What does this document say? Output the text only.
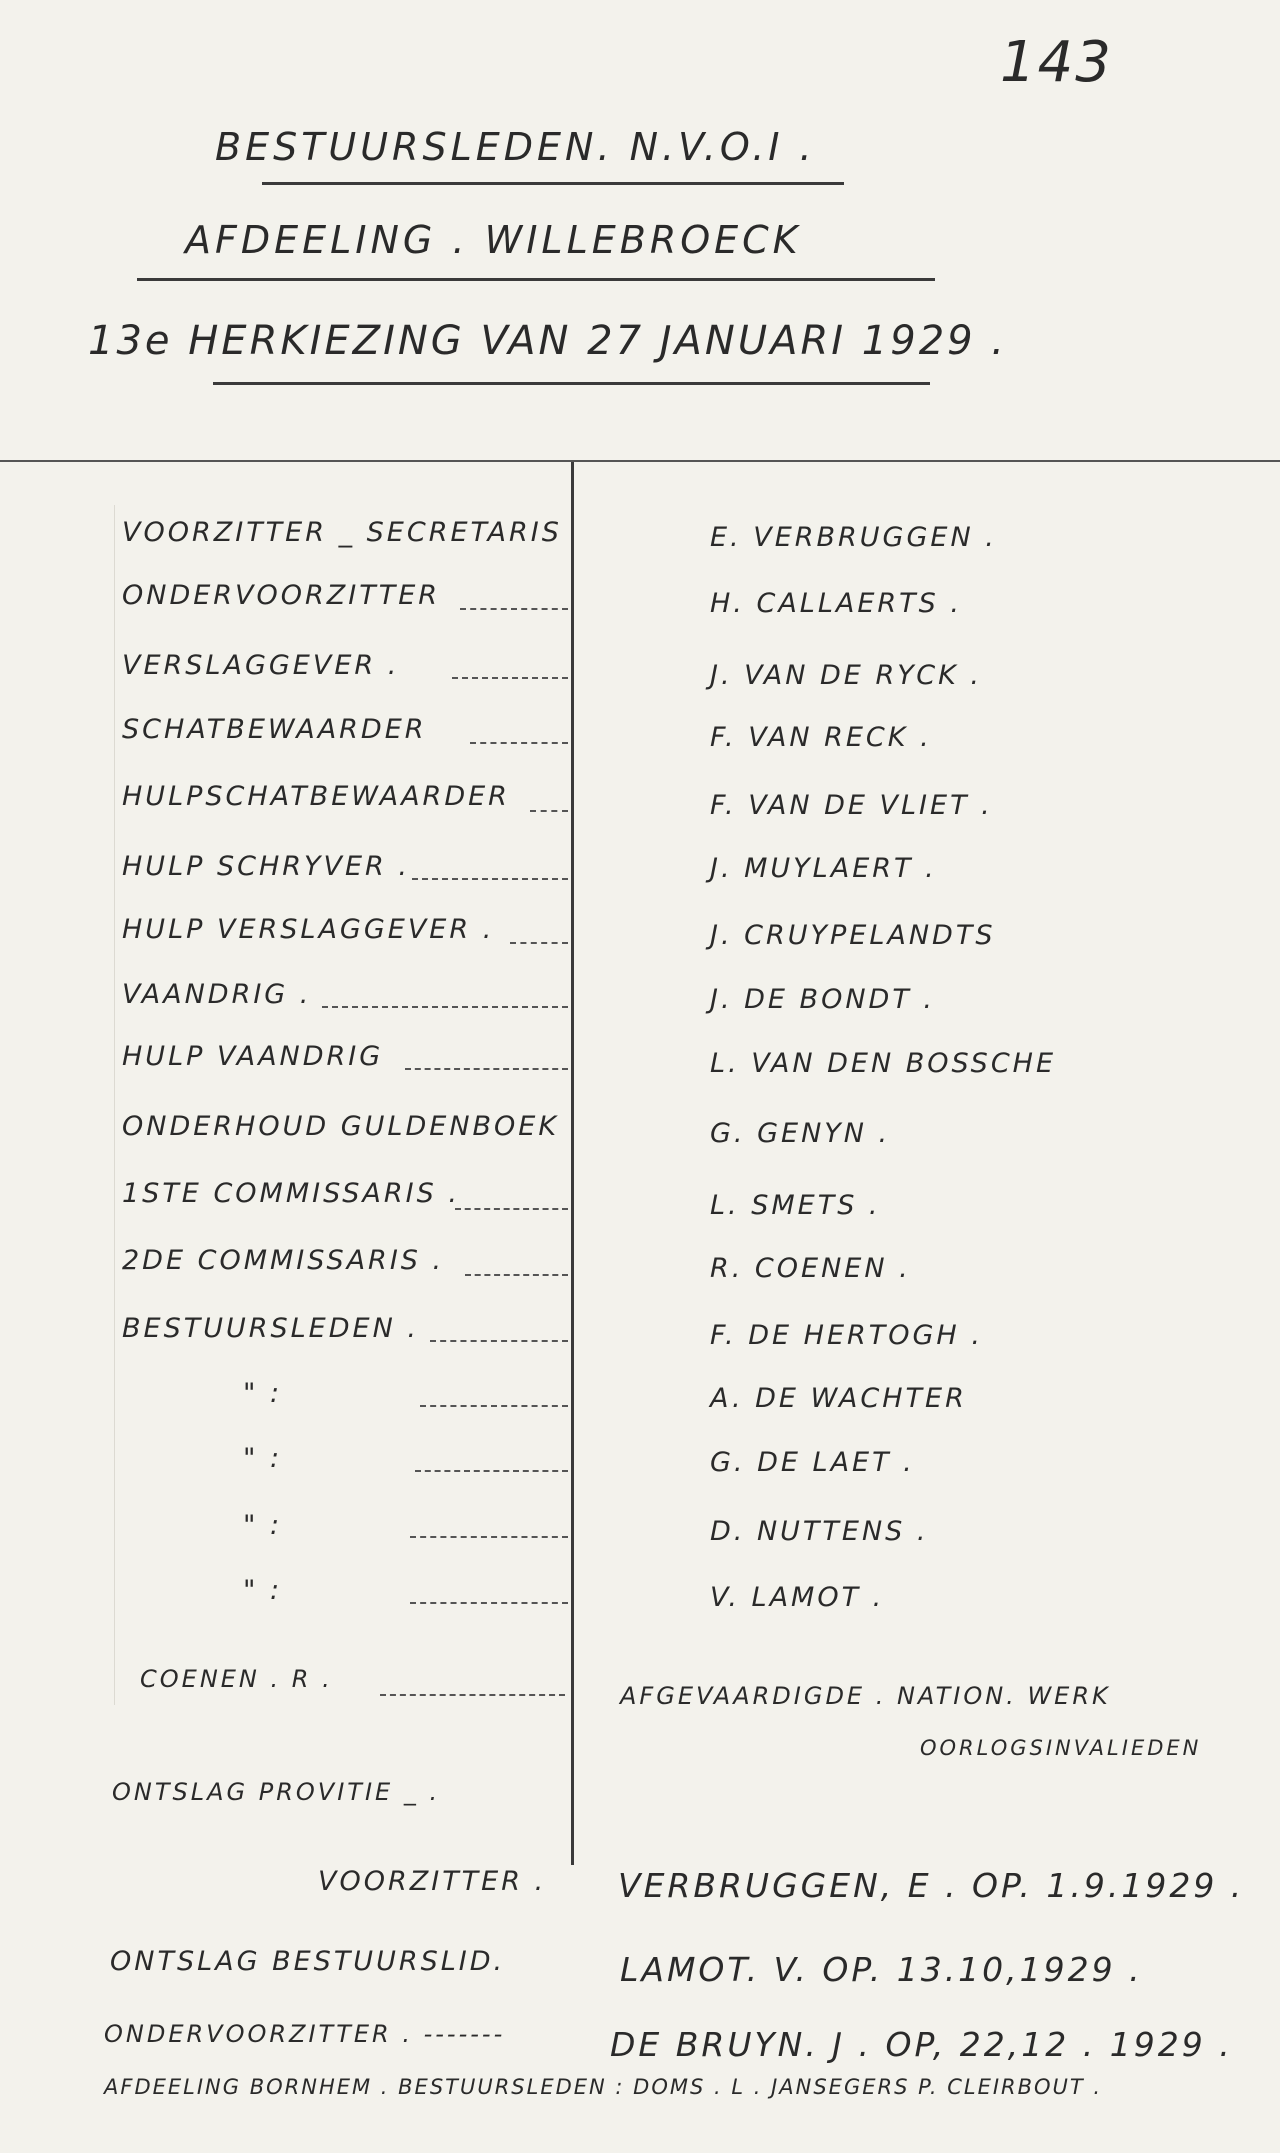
143
BESTUURSLEDEN. N.V.O.I .
AFDEELING . WILLEBROECK
13e HERKIEZING VAN 27 JANUARI 1929 .
VOORZITTER _ SECRETARIS	E. VERBRUGGEN .
ONDERVOORZITTER	H. CALLAERTS .
VERSLAGGEVER .	J. VAN DE RYCK .
SCHATBEWAARDER	F. VAN RECK .
HULPSCHATBEWAARDER	F. VAN DE VLIET .
HULP SCHRYVER .	J. MUYLAERT .
HULP VERSLAGGEVER .	J. CRUYPELANDTS
VAANDRIG .	J. DE BONDT .
HULP VAANDRIG	L. VAN DEN BOSSCHE
ONDERHOUD GULDENBOEK	G. GENYN .
1STE COMMISSARIS .	L. SMETS .
2DE COMMISSARIS .	R. COENEN .
BESTUURSLEDEN .	F. DE HERTOGH .
" :	A. DE WACHTER
" :	G. DE LAET .
" :	D. NUTTENS .
" :	V. LAMOT .
COENEN . R .
AFGEVAARDIGDE . NATION. WERK
OORLOGSINVALIEDEN
ONTSLAG PROVITIE _ .
VOORZITTER . VERBRUGGEN, E . OP. 1.9.1929 .
ONTSLAG BESTUURSLID.	LAMOT. V. OP. 13.10,1929 .
ONDERVOORZITTER . -------	DE BRUYN. J . OP, 22,12 . 1929 .
AFDEELING BORNHEM . BESTUURSLEDEN : DOMS . L . JANSEGERS P. CLEIRBOUT .
